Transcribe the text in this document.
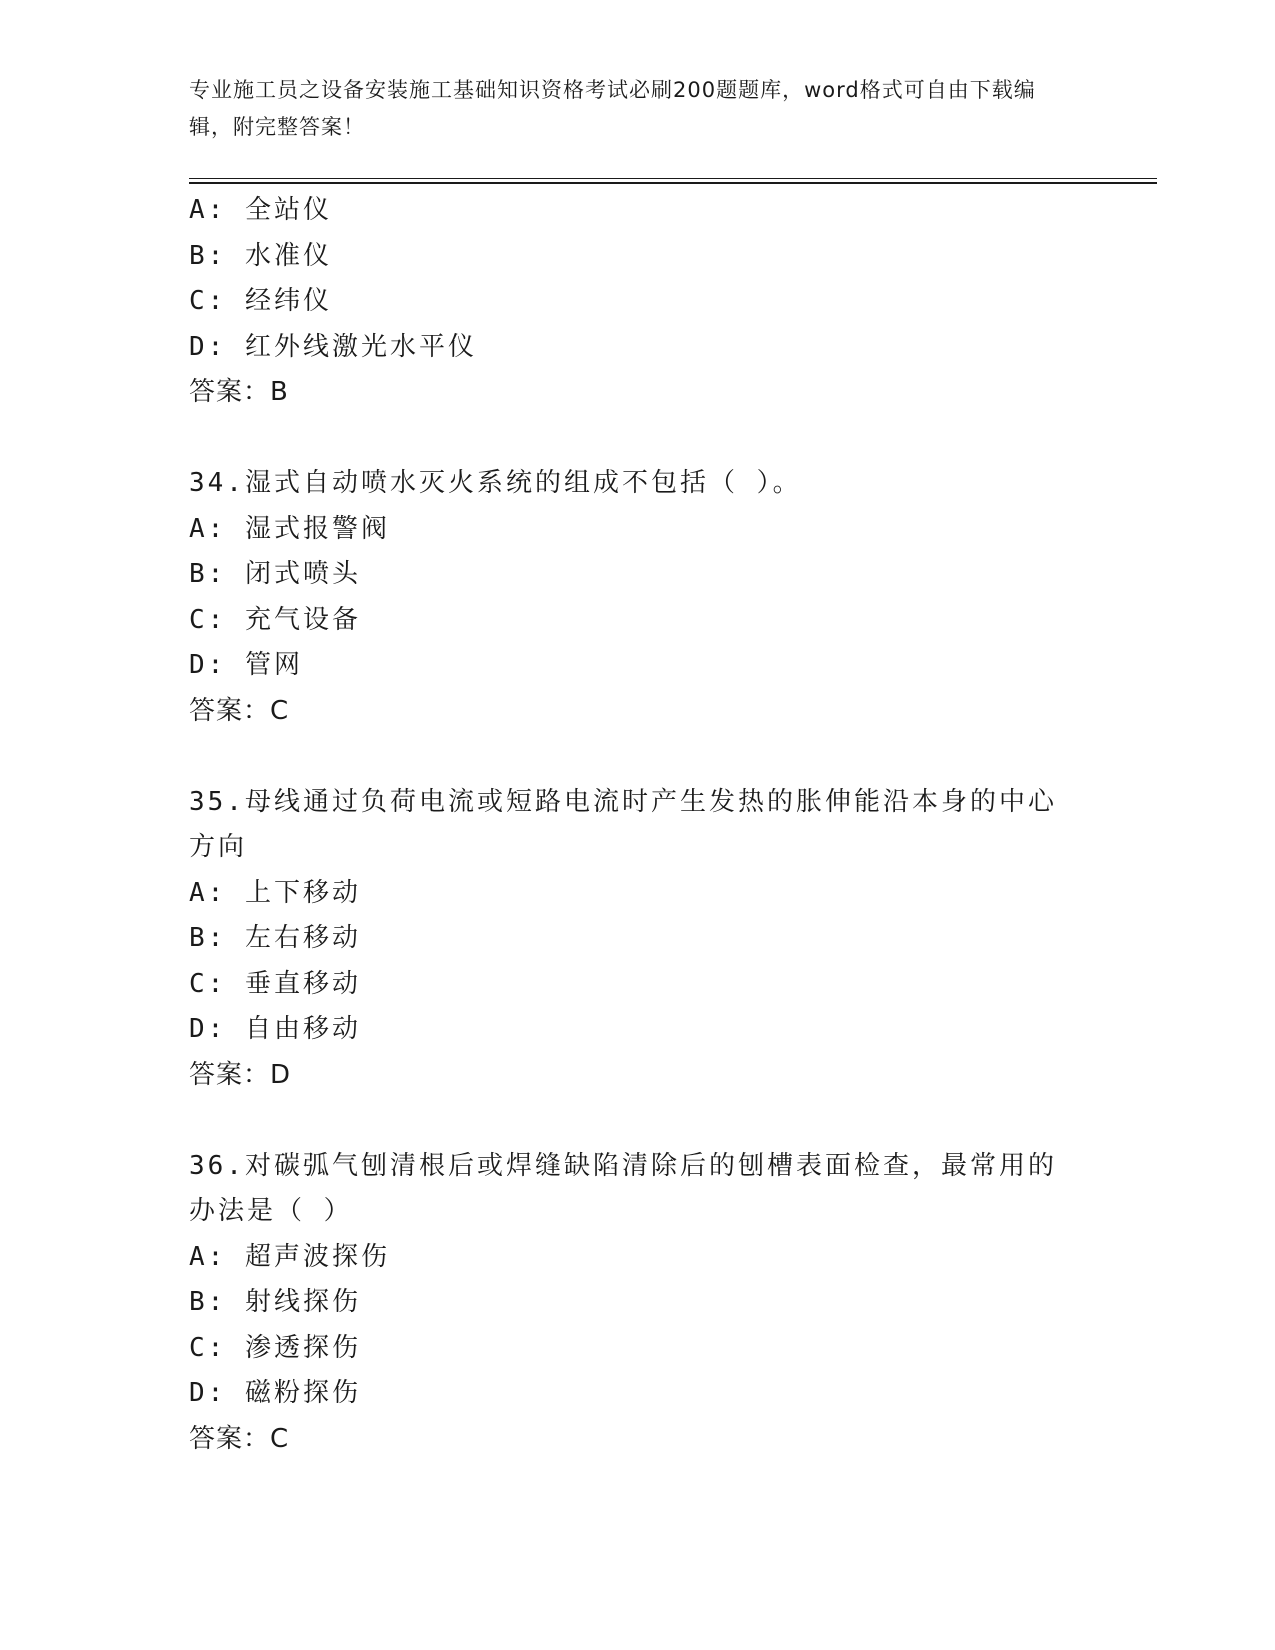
专业施工员之设备安装施工基础知识资格考试必刷200题题库，word格式可自由下载编辑，附完整答案！
A: 全站仪
B: 水准仪
C: 经纬仪
D: 红外线激光水平仪
答案：B
34.湿式自动喷水灭火系统的组成不包括（ ）。
A: 湿式报警阀
B: 闭式喷头
C: 充气设备
D: 管网
答案：C
35.母线通过负荷电流或短路电流时产生发热的胀伸能沿本身的中心方向
A: 上下移动
B: 左右移动
C: 垂直移动
D: 自由移动
答案：D
36.对碳弧气刨清根后或焊缝缺陷清除后的刨槽表面检查，最常用的办法是（ ）
A: 超声波探伤
B: 射线探伤
C: 渗透探伤
D: 磁粉探伤
答案：C
